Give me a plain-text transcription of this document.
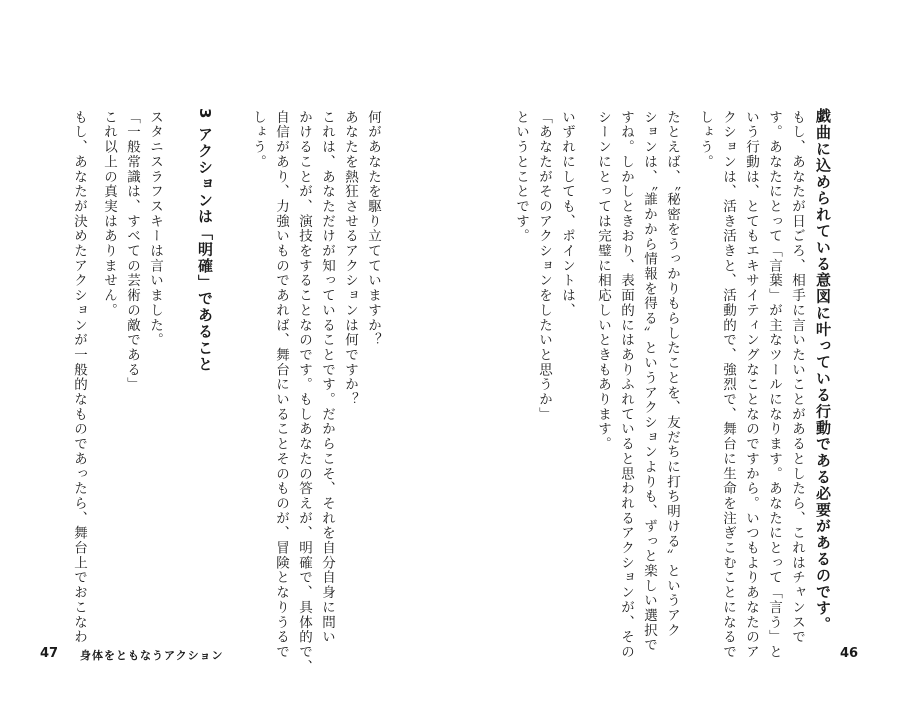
戯曲に込められている意図に叶っている行動である必要があるのです。
もし、あなたが日ごろ、相手に言いたいことがあるとしたら、これはチャンスで
す。あなたにとって「言葉」が主なツールになります。あなたにとって「言う」と
いう行動は、とてもエキサイティングなことなのですから。いつもよりあなたのア
クションは、活き活きと、活動的で、強烈で、舞台に生命を注ぎこむことになるで
しょう。
たとえば、〝秘密をうっかりもらしたことを、友だちに打ち明ける〟というアク
ションは、〝誰かから情報を得る〟というアクションよりも、ずっと楽しい選択で
すね。しかしときおり、表面的にはありふれていると思われるアクションが、その
シーンにとっては完璧に相応しいときもあります。
いずれにしても、ポイントは、
「あなたがそのアクションをしたいと思うか」
というとことです。
46
何があなたを駆り立てていますか？
あなたを熱狂させるアクションは何ですか？
これは、あなただけが知っていることです。だからこそ、それを自分自身に問い
かけることが、演技をすることなのです。もしあなたの答えが、明確で、具体的で、
自信があり、力強いものであれば、舞台にいることそのものが、冒険となりうるで
しょう。
3 アクションは「明確」であること
スタニスラフスキーは言いました。
「一般常識は、すべての芸術の敵である」
これ以上の真実はありません。
もし、あなたが決めたアクションが一般的なものであったら、舞台上でおこなわ
47 身体をともなうアクション
